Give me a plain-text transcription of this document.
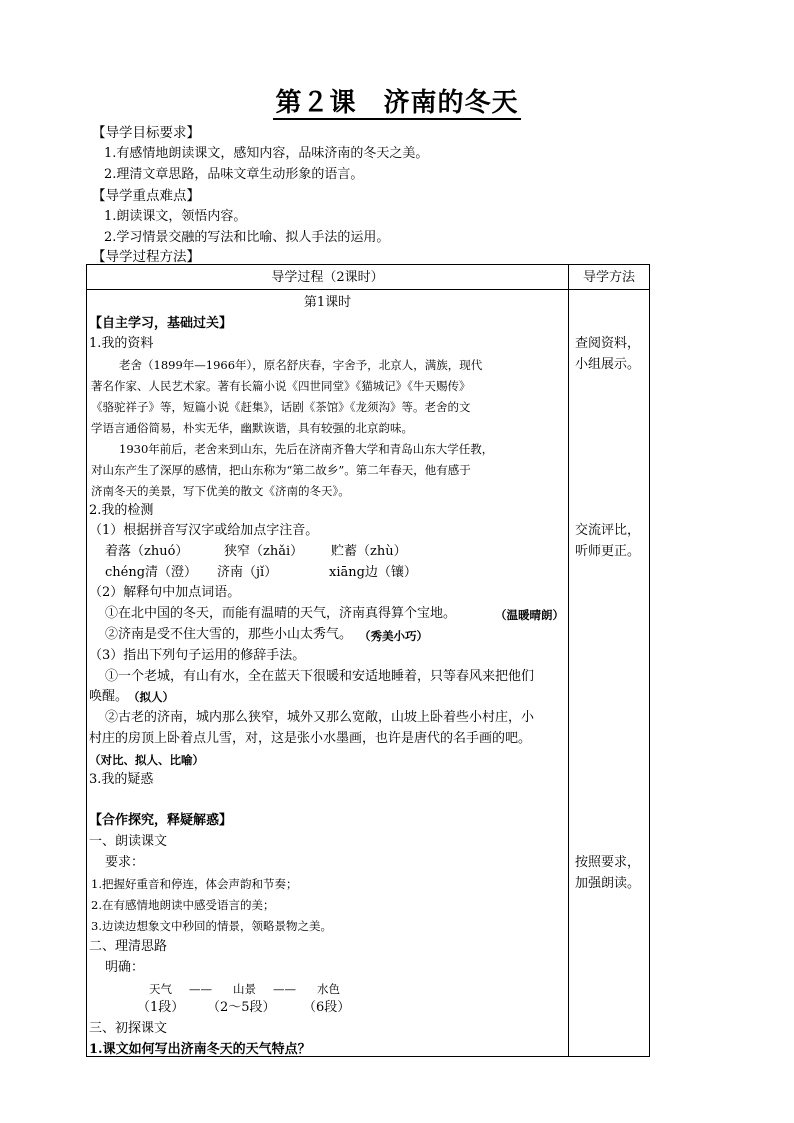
第２课　济南的冬天
【导学目标要求】
1.有感情地朗读课文，感知内容，品味济南的冬天之美。
2.理清文章思路，品味文章生动形象的语言。
【导学重点难点】
1.朗读课文，领悟内容。
2.学习情景交融的写法和比喻、拟人手法的运用。
【导学过程方法】
导学过程（2课时）	导学方法
第1课时
【自主学习，基础过关】
1.我的资料
老舍（1899年—1966年），原名舒庆春，字舍予，北京人，满族，现代
著名作家、人民艺术家。著有长篇小说《四世同堂》《猫城记》《牛天赐传》
《骆驼祥子》等，短篇小说《赶集》，话剧《茶馆》《龙须沟》等。老舍的文
学语言通俗简易，朴实无华，幽默诙谐，具有较强的北京韵味。
1930年前后，老舍来到山东，先后在济南齐鲁大学和青岛山东大学任教，
对山东产生了深厚的感情，把山东称为“第二故乡”。第二年春天，他有感于
济南冬天的美景，写下优美的散文《济南的冬天》。
2.我的检测
（1）根据拼音写汉字或给加点字注音。
着落（zhuó）	狭窄（zhǎi） 贮蓄（zhù）
chéng清（澄） 济南（jǐ）	xiāng边（镶）
（2）解释句中加点词语。
①在北中国的冬天，而能有温晴的天气，济南真得算个宝地。	（温暖晴朗）
②济南是受不住大雪的，那些小山太秀气。 （秀美小巧）
（3）指出下列句子运用的修辞手法。
①一个老城，有山有水，全在蓝天下很暖和安适地睡着，只等春风来把他们
唤醒。 （拟人）
②古老的济南，城内那么狭窄，城外又那么宽敞，山坡上卧着些小村庄，小
村庄的房顶上卧着点儿雪，对，这是张小水墨画，也许是唐代的名手画的吧。
（对比、拟人、比喻）
3.我的疑惑
【合作探究，释疑解惑】
一、朗读课文
要求：
1.把握好重音和停连，体会声韵和节奏；
2.在有感情地朗读中感受语言的美；
3.边读边想象文中秒回的情景，领略景物之美。
二、理清思路
明确：
天气 —— 山景 —— 水色
（1段） （2～5段） （6段）
三、初探课文
1.课文如何写出济南冬天的天气特点？
查阅资料，
小组展示。
交流评比，
听师更正。
按照要求，
加强朗读。
